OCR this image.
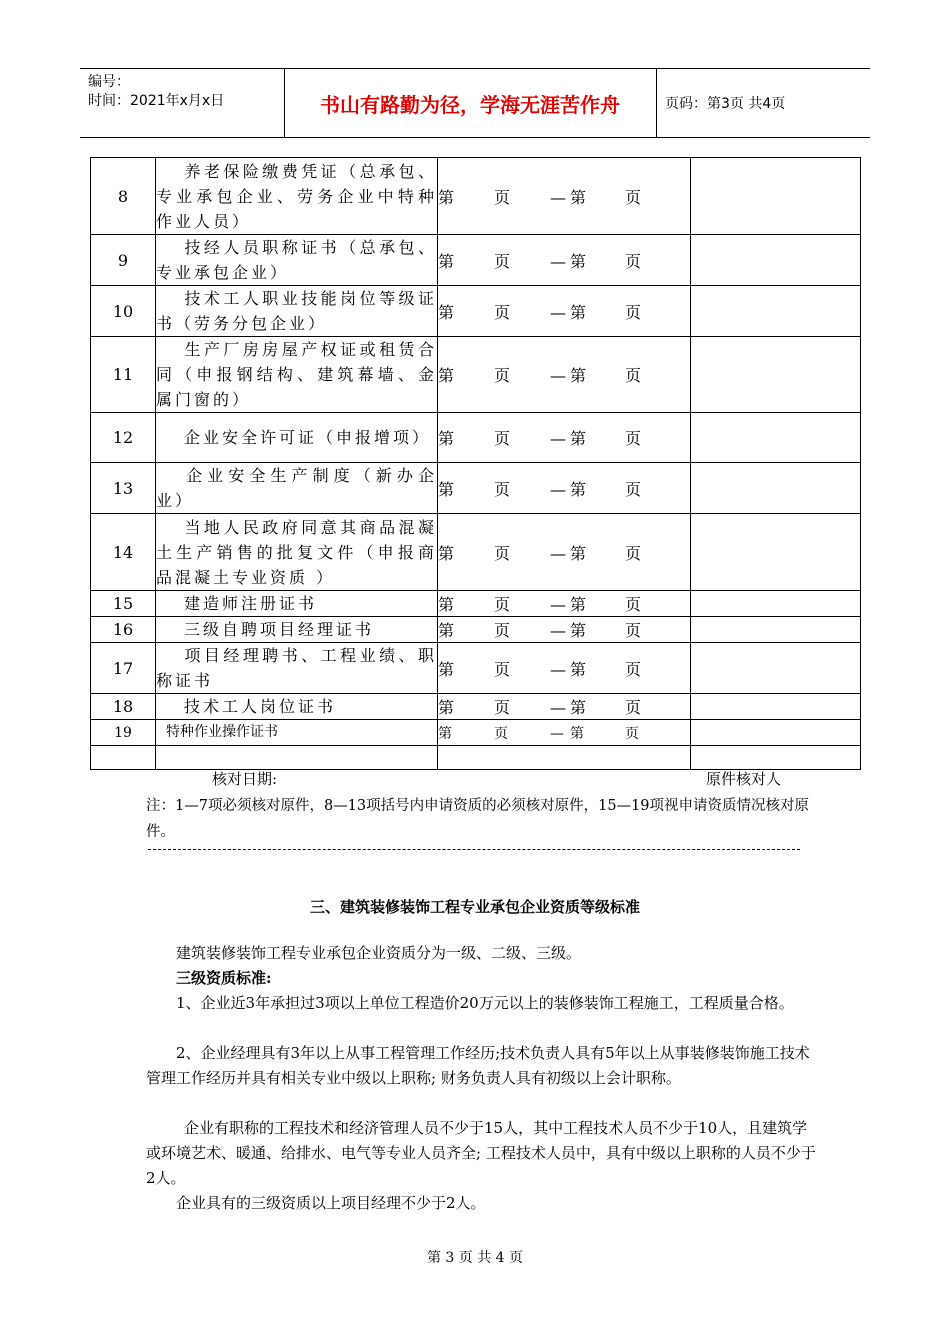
编号：
时间：2021年x月x日	书山有路勤为径，学海无涯苦作舟	页码：第3页 共4页
8	养老保险缴费凭证（总承包、专业承包企业、劳务企业中特种作业人员）	第 页 — 第 页	
9	技经人员职称证书（总承包、专业承包企业）	第 页 — 第 页	
10	技术工人职业技能岗位等级证书（劳务分包企业）	第 页 — 第 页	
11	生产厂房房屋产权证或租赁合同（申报钢结构、建筑幕墙、金属门窗的）	第 页 — 第 页	
12	企业安全许可证（申报增项）	第 页 — 第 页	
13	企业安全生产制度（新办企业）	第 页 — 第 页	
14	当地人民政府同意其商品混凝土生产销售的批复文件（申报商品混凝土专业资质 ）	第 页 — 第 页	
15	建造师注册证书	第 页 — 第 页	
16	三级自聘项目经理证书	第 页 — 第 页	
17	项目经理聘书、工程业绩、职称证书	第 页 — 第 页	
18	技术工人岗位证书	第 页 — 第 页	
19	特种作业操作证书	第 页 — 第 页	

核对日期:	原件核对人
注：1—7项必须核对原件，8—13项括号内申请资质的必须核对原件，15—19项视申请资质情况核对原件。
三、建筑装修装饰工程专业承包企业资质等级标准
建筑装修装饰工程专业承包企业资质分为一级、二级、三级。
三级资质标准:
1、企业近3年承担过3项以上单位工程造价20万元以上的装修装饰工程施工，工程质量合格。
2、企业经理具有3年以上从事工程管理工作经历;技术负责人具有5年以上从事装修装饰施工技术管理工作经历并具有相关专业中级以上职称; 财务负责人具有初级以上会计职称。
企业有职称的工程技术和经济管理人员不少于15人，其中工程技术人员不少于10人，且建筑学或环境艺术、暖通、给排水、电气等专业人员齐全; 工程技术人员中，具有中级以上职称的人员不少于2人。
企业具有的三级资质以上项目经理不少于2人。
第 3 页 共 4 页
